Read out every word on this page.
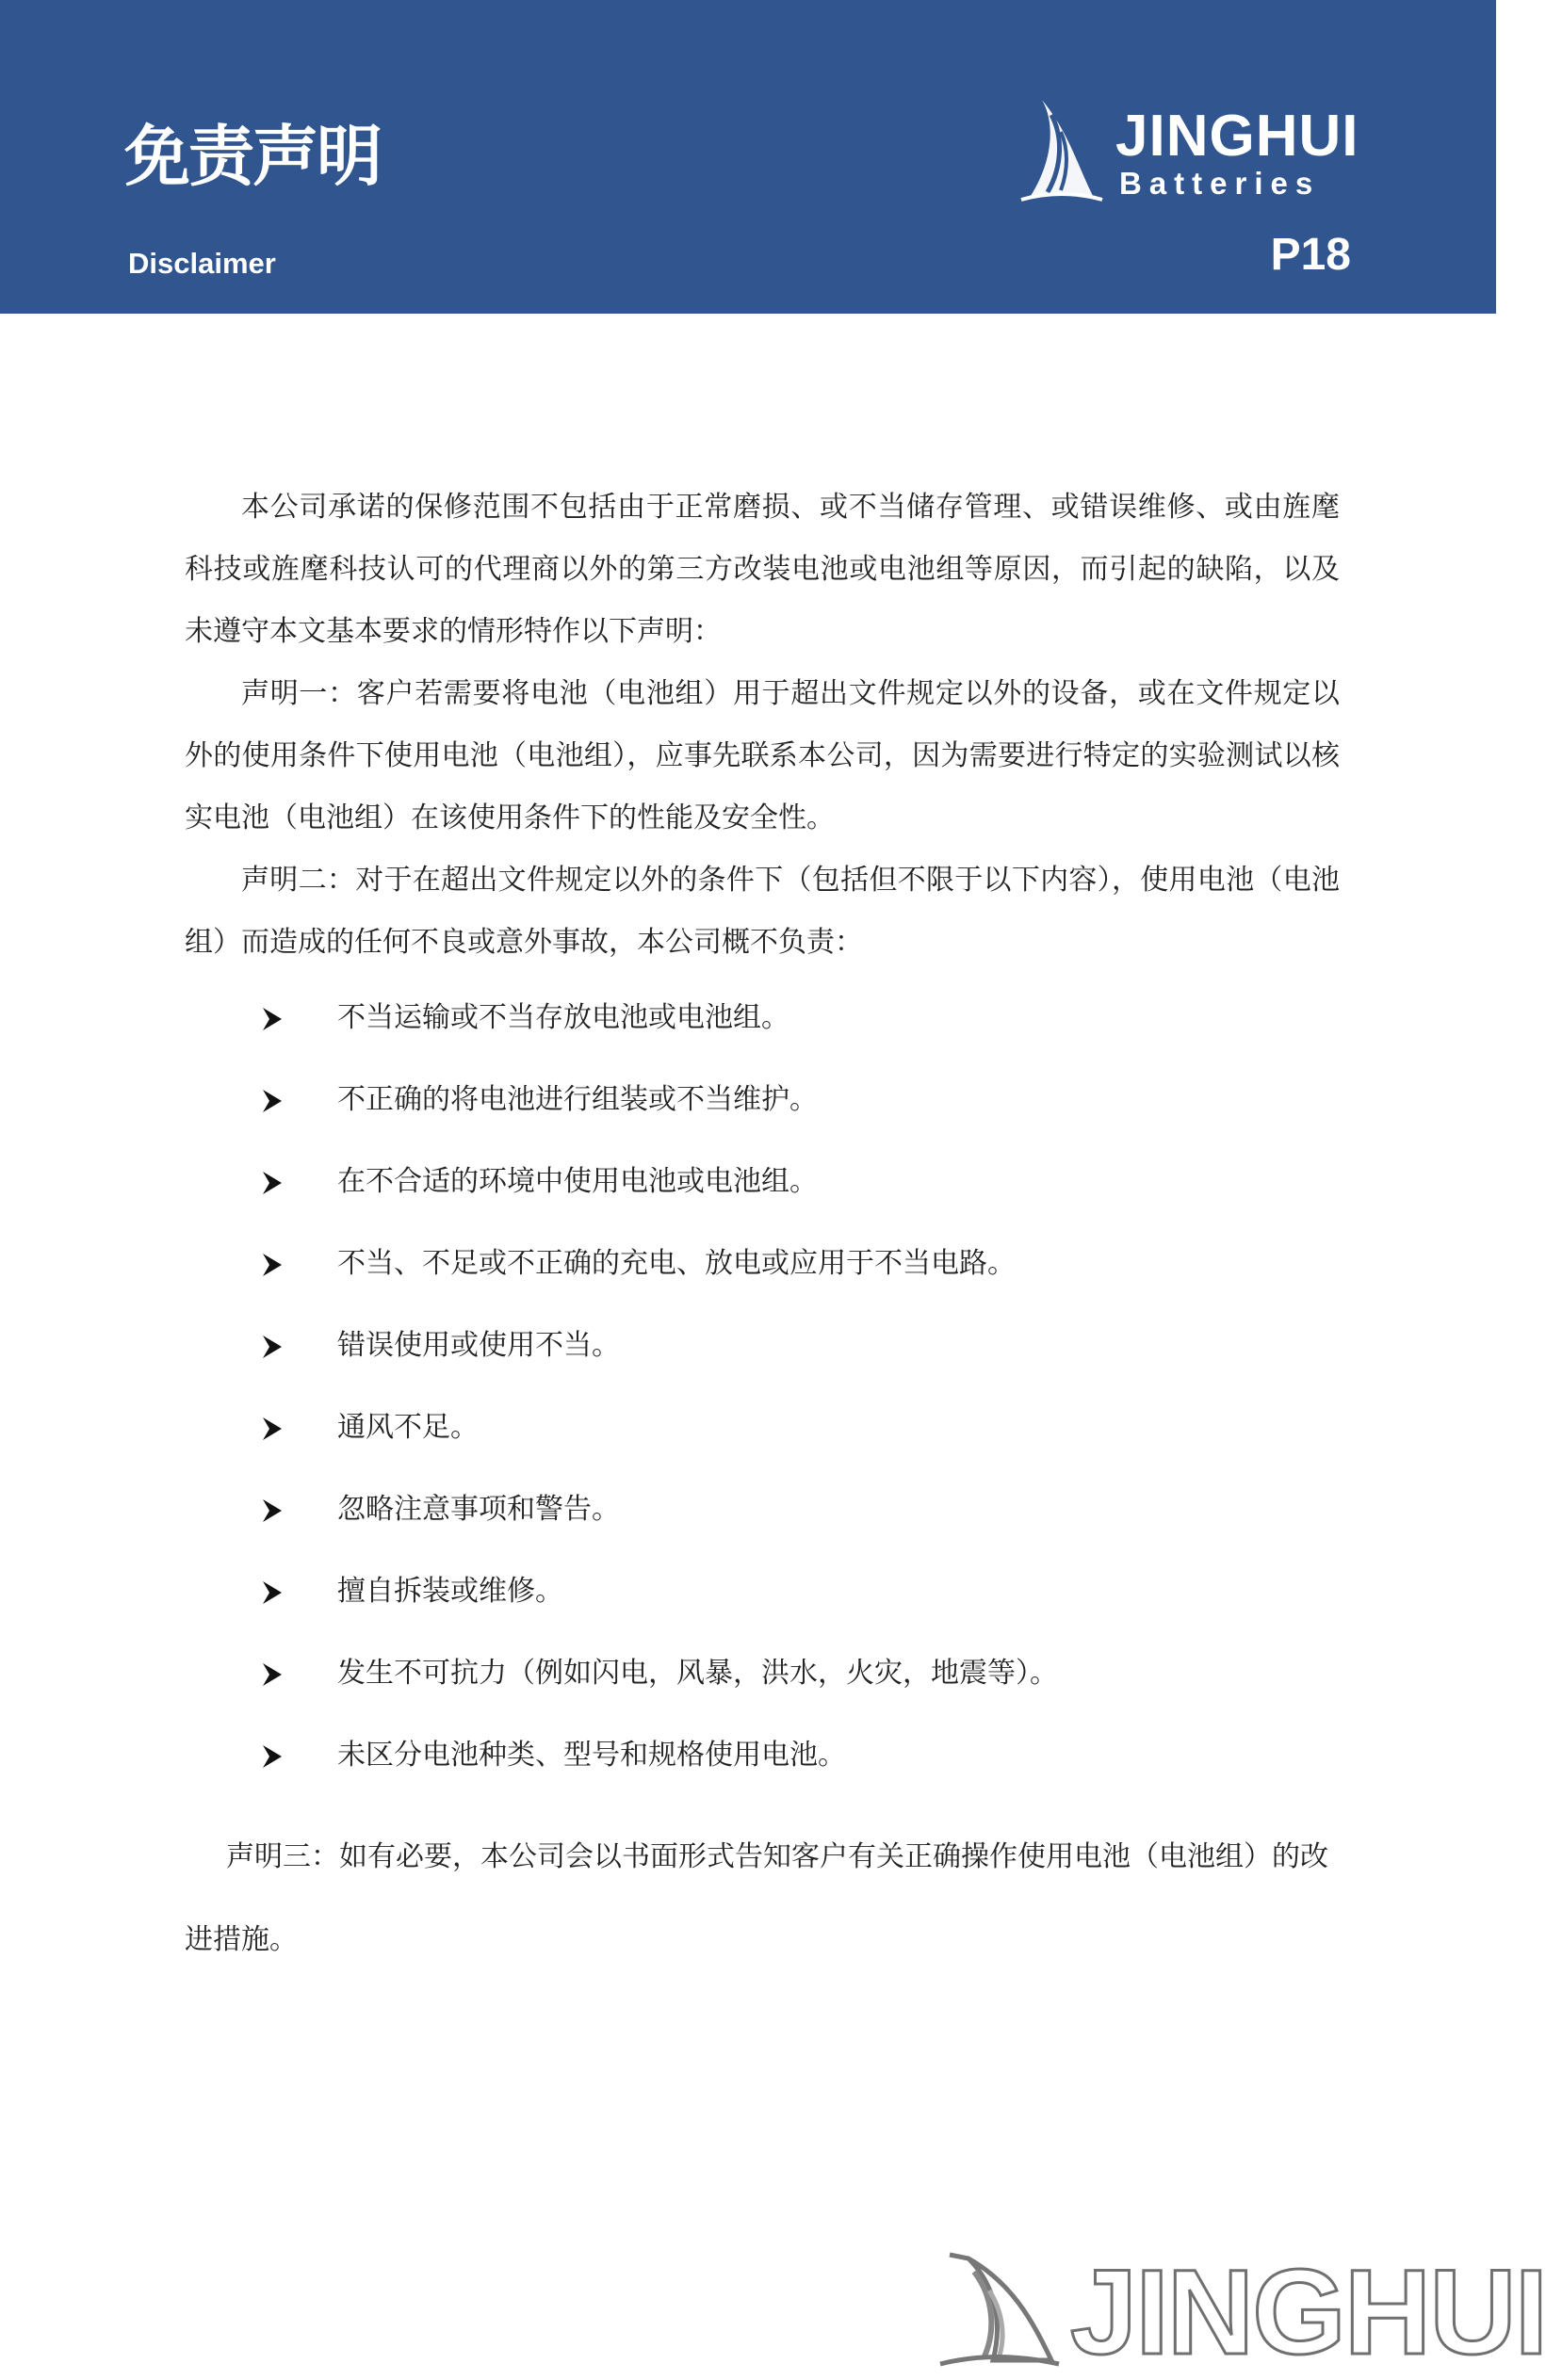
免责声明
Disclaimer
JINGHUI
Batteries
P18

本公司承诺的保修范围不包括由于正常磨损、或不当储存管理、或错误维修、或由旌麾科技或旌麾科技认可的代理商以外的第三方改装电池或电池组等原因，而引起的缺陷，以及未遵守本文基本要求的情形特作以下声明：

声明一：客户若需要将电池（电池组）用于超出文件规定以外的设备，或在文件规定以外的使用条件下使用电池（电池组），应事先联系本公司，因为需要进行特定的实验测试以核实电池（电池组）在该使用条件下的性能及安全性。

声明二：对于在超出文件规定以外的条件下（包括但不限于以下内容），使用电池（电池组）而造成的任何不良或意外事故，本公司概不负责：

不当运输或不当存放电池或电池组。
不正确的将电池进行组装或不当维护。
在不合适的环境中使用电池或电池组。
不当、不足或不正确的充电、放电或应用于不当电路。
错误使用或使用不当。
通风不足。
忽略注意事项和警告。
擅自拆装或维修。
发生不可抗力（例如闪电，风暴，洪水，火灾，地震等）。
未区分电池种类、型号和规格使用电池。

声明三：如有必要，本公司会以书面形式告知客户有关正确操作使用电池（电池组）的改进措施。

JINGHUI
